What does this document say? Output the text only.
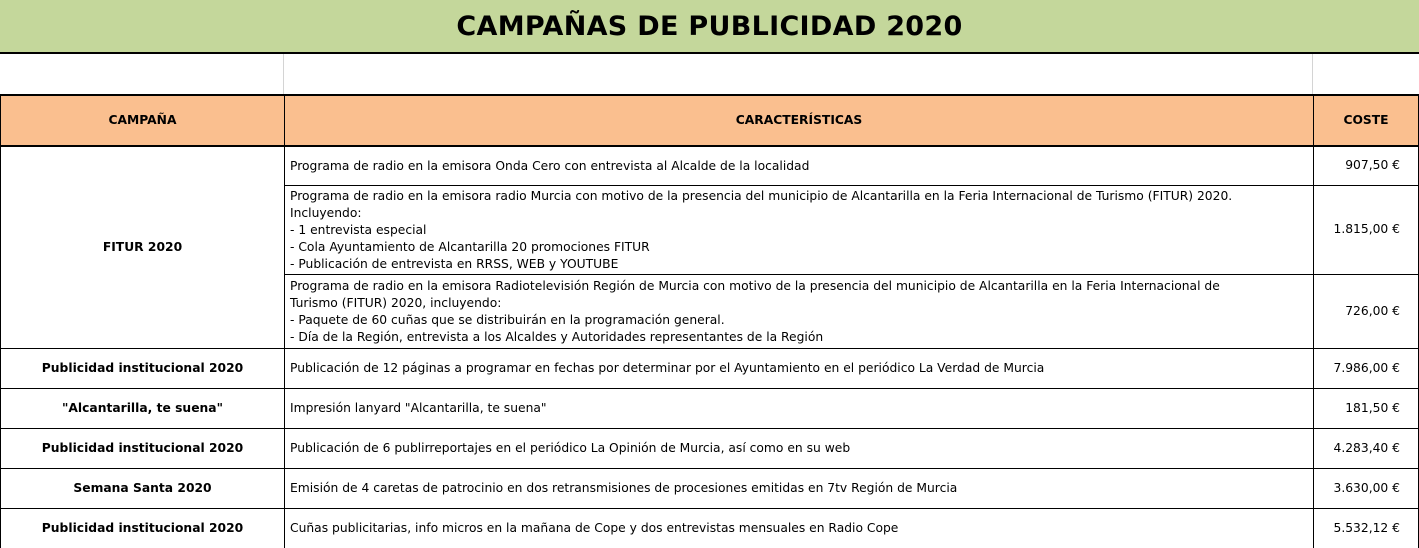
CAMPAÑAS DE PUBLICIDAD 2020
CAMPAÑA	CARACTERÍSTICAS	COSTE
FITUR 2020	Programa de radio en la emisora Onda Cero con entrevista al Alcalde de la localidad	907,50 €

	Programa de radio en la emisora radio Murcia con motivo de la presencia del municipio de Alcantarilla en la Feria Internacional de Turismo (FITUR) 2020.
Incluyendo:
- 1 entrevista especial
- Cola Ayuntamiento de Alcantarilla 20 promociones FITUR
- Publicación de entrevista en RRSS, WEB y YOUTUBE	1.815,00 €

	Programa de radio en la emisora Radiotelevisión Región de Murcia con motivo de la presencia del municipio de Alcantarilla en la Feria Internacional de
Turismo (FITUR) 2020, incluyendo:
- Paquete de 60 cuñas que se distribuirán en la programación general.
- Día de la Región, entrevista a los Alcaldes y Autoridades representantes de la Región	726,00 €
Publicidad institucional 2020	Publicación de 12 páginas a programar en fechas por determinar por el Ayuntamiento en el periódico La Verdad de Murcia	7.986,00 €
"Alcantarilla, te suena"	Impresión lanyard "Alcantarilla, te suena"	181,50 €
Publicidad institucional 2020	Publicación de 6 publirreportajes en el periódico La Opinión de Murcia, así como en su web	4.283,40 €
Semana Santa 2020	Emisión de 4 caretas de patrocinio en dos retransmisiones de procesiones emitidas en 7tv Región de Murcia	3.630,00 €
Publicidad institucional 2020	Cuñas publicitarias, info micros en la mañana de Cope y dos entrevistas mensuales en Radio Cope	5.532,12 €
